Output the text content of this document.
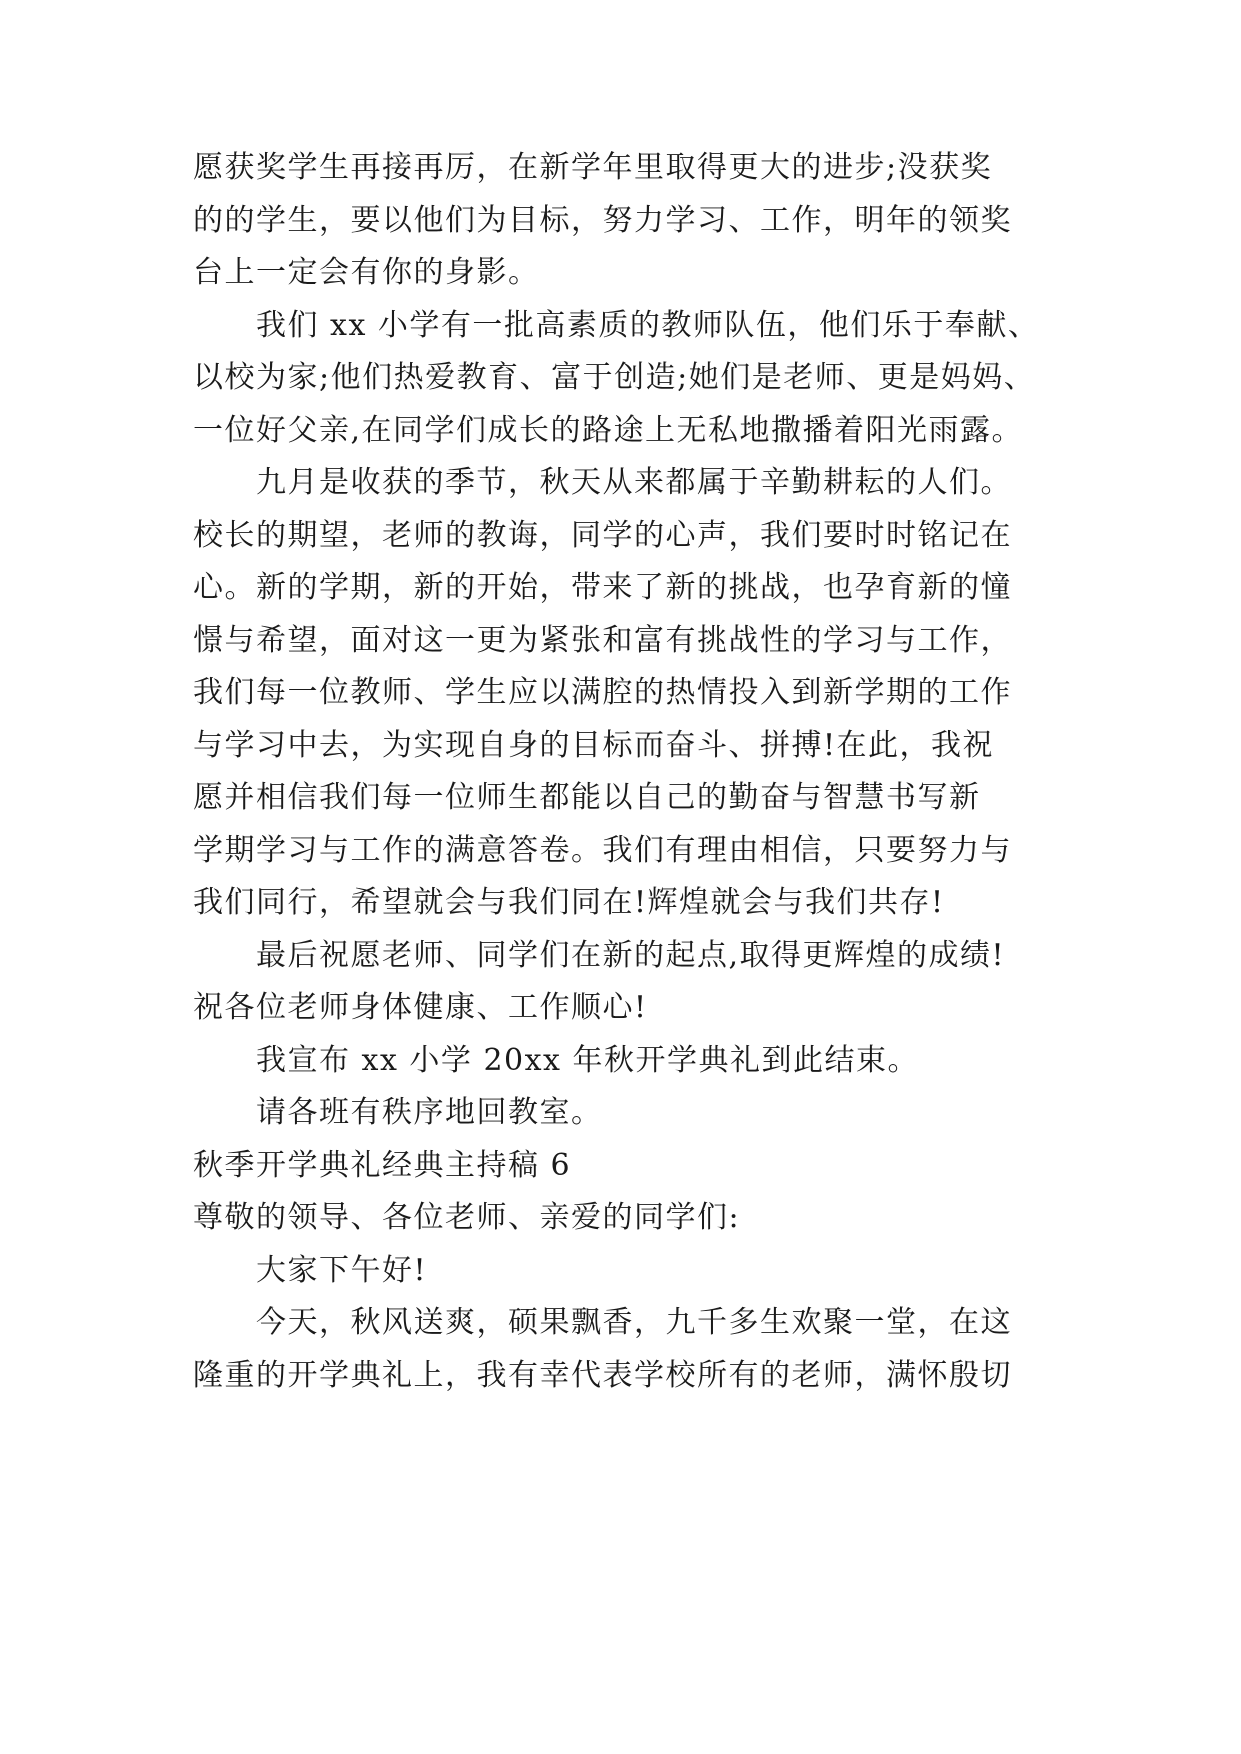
愿获奖学生再接再厉，在新学年里取得更大的进步;没获奖
的的学生，要以他们为目标，努力学习、工作，明年的领奖
台上一定会有你的身影。
我们 xx 小学有一批高素质的教师队伍，他们乐于奉献、
以校为家;他们热爱教育、富于创造;她们是老师、更是妈妈、
一位好父亲,在同学们成长的路途上无私地撒播着阳光雨露。
九月是收获的季节，秋天从来都属于辛勤耕耘的人们。
校长的期望，老师的教诲，同学的心声，我们要时时铭记在
心。新的学期，新的开始，带来了新的挑战，也孕育新的憧
憬与希望，面对这一更为紧张和富有挑战性的学习与工作，
我们每一位教师、学生应以满腔的热情投入到新学期的工作
与学习中去，为实现自身的目标而奋斗、拼搏!在此，我祝
愿并相信我们每一位师生都能以自己的勤奋与智慧书写新
学期学习与工作的满意答卷。我们有理由相信，只要努力与
我们同行，希望就会与我们同在!辉煌就会与我们共存!
最后祝愿老师、同学们在新的起点,取得更辉煌的成绩!
祝各位老师身体健康、工作顺心!
我宣布 xx 小学 20xx 年秋开学典礼到此结束。
请各班有秩序地回教室。
秋季开学典礼经典主持稿 6
尊敬的领导、各位老师、亲爱的同学们:
大家下午好!
今天，秋风送爽，硕果飘香，九千多生欢聚一堂，在这
隆重的开学典礼上，我有幸代表学校所有的老师，满怀殷切
